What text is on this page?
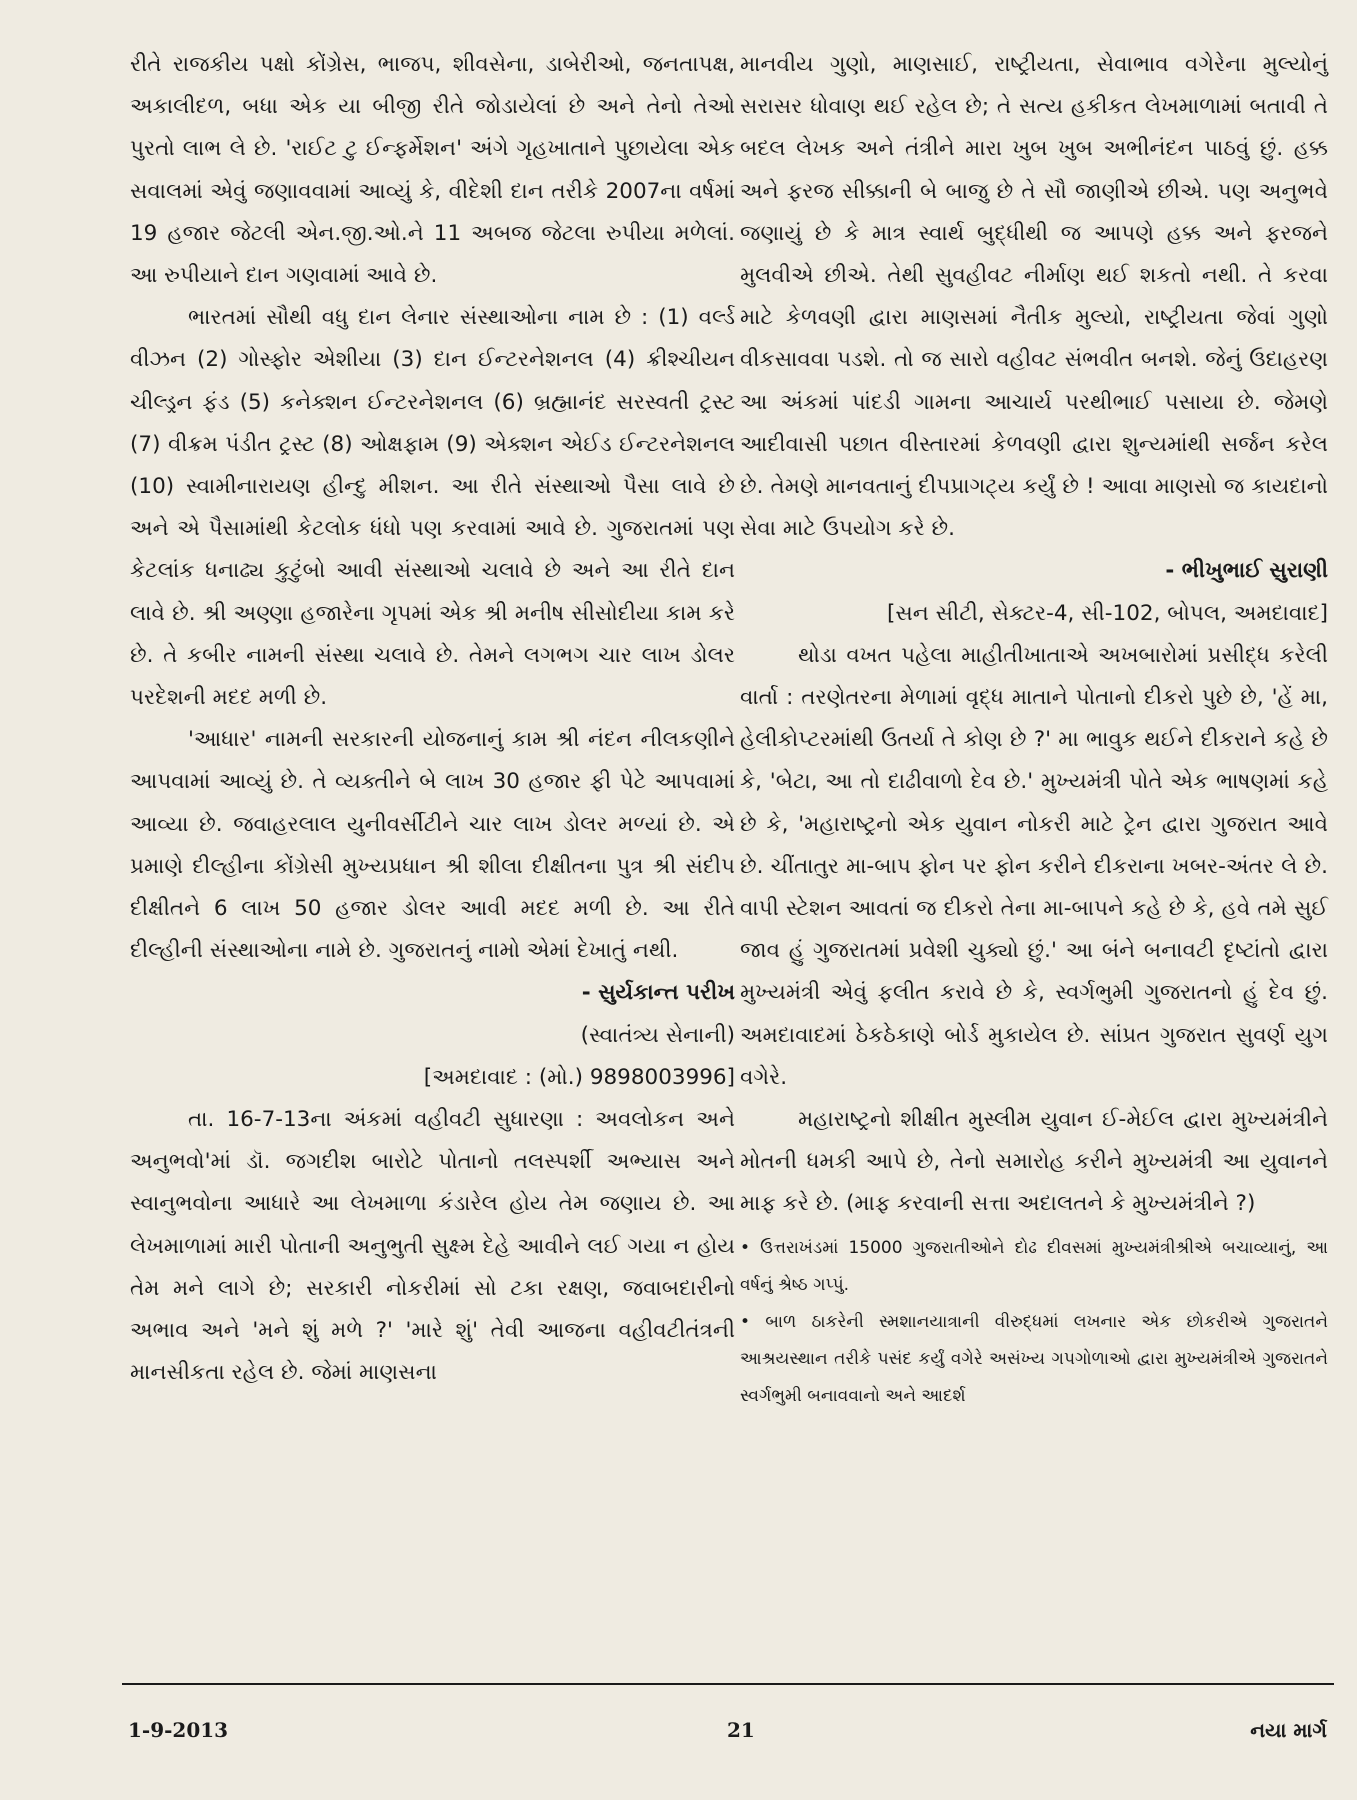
રીતે રાજકીય પક્ષો કોંગ્રેસ, ભાજપ, શીવસેના, ડાબેરીઓ, જનતાપક્ષ, અકાલીદળ, બધા એક યા બીજી રીતે જોડાયેલાં છે અને તેનો તેઓ પુરતો લાભ લે છે. 'રાઈટ ટુ ઈન્ફર્મેશન' અંગે ગૃહખાતાને પુછાયેલા એક સવાલમાં એવું જણાવવામાં આવ્યું કે, વીદેશી દાન તરીકે 2007ના વર્ષમાં 19 હજાર જેટલી એન.જી.ઓ.ને 11 અબજ જેટલા રુપીયા મળેલાં. આ રુપીયાને દાન ગણવામાં આવે છે.

ભારતમાં સૌથી વધુ દાન લેનાર સંસ્થાઓના નામ છે : (1) વર્લ્ડ વીઝન (2) ગોસ્ફોર એશીયા (3) દાન ઈન્ટરનેશનલ (4) ક્રીશ્ચીયન ચીલ્ડ્રન ફંડ (5) કનેક્શન ઈન્ટરનેશનલ (6) બ્રહ્માનંદ સરસ્વતી ટ્રસ્ટ (7) વીક્રમ પંડીત ટ્રસ્ટ (8) ઓક્ષફામ (9) એક્શન એઈડ ઈન્ટરનેશનલ (10) સ્વામીનારાયણ હીન્દુ મીશન. આ રીતે સંસ્થાઓ પૈસા લાવે છે અને એ પૈસામાંથી કેટલોક ધંધો પણ કરવામાં આવે છે. ગુજરાતમાં પણ કેટલાંક ધનાઢ્ય કુટુંબો આવી સંસ્થાઓ ચલાવે છે અને આ રીતે દાન લાવે છે. શ્રી અણ્ણા હજારેના ગૃપમાં એક શ્રી મનીષ સીસોદીયા કામ કરે છે. તે કબીર નામની સંસ્થા ચલાવે છે. તેમને લગભગ ચાર લાખ ડોલર પરદેશની મદદ મળી છે.

'આધાર' નામની સરકારની યોજનાનું કામ શ્રી નંદન નીલકણીને આપવામાં આવ્યું છે. તે વ્યક્તીને બે લાખ 30 હજાર ફી પેટે આપવામાં આવ્યા છે. જવાહરલાલ યુનીવર્સીટીને ચાર લાખ ડોલર મળ્યાં છે. એ પ્રમાણે દીલ્હીના કોંગ્રેસી મુખ્યપ્રધાન શ્રી શીલા દીક્ષીતના પુત્ર શ્રી સંદીપ દીક્ષીતને 6 લાખ 50 હજાર ડોલર આવી મદદ મળી છે. આ રીતે દીલ્હીની સંસ્થાઓના નામે છે. ગુજરાતનું નામો એમાં દેખાતું નથી.

- સુર્યકાન્ત પરીખ

(સ્વાતંત્ર્ય સેનાની)

[અમદાવાદ : (મો.) 9898003996]

તા. 16-7-13ના અંકમાં વહીવટી સુધારણા : અવલોકન અને અનુભવો'માં ડૉ. જગદીશ બારોટે પોતાનો તલસ્પર્શી અભ્યાસ અને સ્વાનુભવોના આધારે આ લેખમાળા કંડારેલ હોય તેમ જણાય છે. આ લેખમાળામાં મારી પોતાની અનુભુતી સુક્ષ્મ દેહે આવીને લઈ ગયા ન હોય તેમ મને લાગે છે; સરકારી નોકરીમાં સો ટકા રક્ષણ, જવાબદારીનો અભાવ અને 'મને શું મળે ?' 'મારે શું' તેવી આજના વહીવટીતંત્રની માનસીકતા રહેલ છે. જેમાં માણસના

માનવીય ગુણો, માણસાઈ, રાષ્ટ્રીયતા, સેવાભાવ વગેરેના મુલ્યોનું સરાસર ધોવાણ થઈ રહેલ છે; તે સત્ય હકીકત લેખમાળામાં બતાવી તે બદલ લેખક અને તંત્રીને મારા ખુબ ખુબ અભીનંદન પાઠવું છું. હક્ક અને ફરજ સીક્કાની બે બાજુ છે તે સૌ જાણીએ છીએ. પણ અનુભવે જણાયું છે કે માત્ર સ્વાર્થ બુદ્ધીથી જ આપણે હક્ક અને ફરજને મુલવીએ છીએ. તેથી સુવહીવટ નીર્માણ થઈ શકતો નથી. તે કરવા માટે કેળવણી દ્વારા માણસમાં નૈતીક મુલ્યો, રાષ્ટ્રીયતા જેવાં ગુણો વીકસાવવા પડશે. તો જ સારો વહીવટ સંભવીત બનશે. જેનું ઉદાહરણ આ અંકમાં પાંદડી ગામના આચાર્ય પરથીભાઈ પસાયા છે. જેમણે આદીવાસી પછાત વીસ્તારમાં કેળવણી દ્વારા શુન્યમાંથી સર્જન કરેલ છે. તેમણે માનવતાનું દીપપ્રાગટ્ય કર્યું છે ! આવા માણસો જ કાયદાનો સેવા માટે ઉપયોગ કરે છે.

- ભીખુભાઈ સુરાણી

[સન સીટી, સેક્ટર-4, સી-102, બોપલ, અમદાવાદ]

થોડા વખત પહેલા માહીતીખાતાએ અખબારોમાં પ્રસીદ્ધ કરેલી વાર્તા : તરણેતરના મેળામાં વૃદ્ધ માતાને પોતાનો દીકરો પુછે છે, 'હેં મા, હેલીકોપ્ટરમાંથી ઉતર્યા તે કોણ છે ?' મા ભાવુક થઈને દીકરાને કહે છે કે, 'બેટા, આ તો દાઢીવાળો દેવ છે.' મુખ્યમંત્રી પોતે એક ભાષણમાં કહે છે કે, 'મહારાષ્ટ્રનો એક યુવાન નોકરી માટે ટ્રેન દ્વારા ગુજરાત આવે છે. ચીંતાતુર મા-બાપ ફોન પર ફોન કરીને દીકરાના ખબર-અંતર લે છે. વાપી સ્ટેશન આવતાં જ દીકરો તેના મા-બાપને કહે છે કે, હવે તમે સુઈ જાવ હું ગુજરાતમાં પ્રવેશી ચુક્યો છું.' આ બંને બનાવટી દૃષ્ટાંતો દ્વારા મુખ્યમંત્રી એવું ફલીત કરાવે છે કે, સ્વર્ગભુમી ગુજરાતનો હું દેવ છું. અમદાવાદમાં ઠેકઠેકાણે બોર્ડ મુકાયેલ છે. સાંપ્રત ગુજરાત સુવર્ણ યુગ વગેરે.

મહારાષ્ટ્રનો શીક્ષીત મુસ્લીમ યુવાન ઈ-મેઈલ દ્વારા મુખ્યમંત્રીને મોતની ધમકી આપે છે, તેનો સમારોહ કરીને મુખ્યમંત્રી આ યુવાનને માફ કરે છે. (માફ કરવાની સત્તા અદાલતને કે મુખ્યમંત્રીને ?)

• ઉત્તરાખંડમાં 15000 ગુજરાતીઓને દોઢ દીવસમાં મુખ્યમંત્રીશ્રીએ બચાવ્યાનું, આ વર્ષનું શ્રેષ્ઠ ગપ્પું.

• બાળ ઠાકરેની સ્મશાનયાત્રાની વીરુદ્ધમાં લખનાર એક છોકરીએ ગુજરાતને આશ્રયસ્થાન તરીકે પસંદ કર્યું વગેરે અસંખ્ય ગપગોળાઓ દ્વારા મુખ્યમંત્રીએ ગુજરાતને સ્વર્ગભુમી બનાવવાનો અને આદર્શ

1-9-2013	21	નયા માર્ગ
